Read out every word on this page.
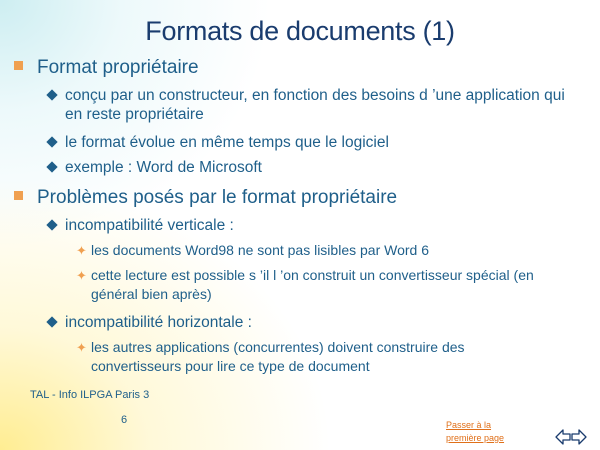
Formats de documents (1)
Format propriétaire
conçu par un constructeur, en fonction des besoins d ’une application qui en reste propriétaire
le format évolue en même temps que le logiciel
exemple : Word de Microsoft
Problèmes posés par le format propriétaire
incompatibilité verticale :
✦ les documents Word98 ne sont pas lisibles par Word 6
✦ cette lecture est possible s ’il l ’on construit un convertisseur spécial (en général bien après)
incompatibilité horizontale :
✦ les autres applications (concurrentes) doivent construire des convertisseurs pour lire ce type de document
TAL - Info ILPGA Paris 3
6	Passer à la première page
